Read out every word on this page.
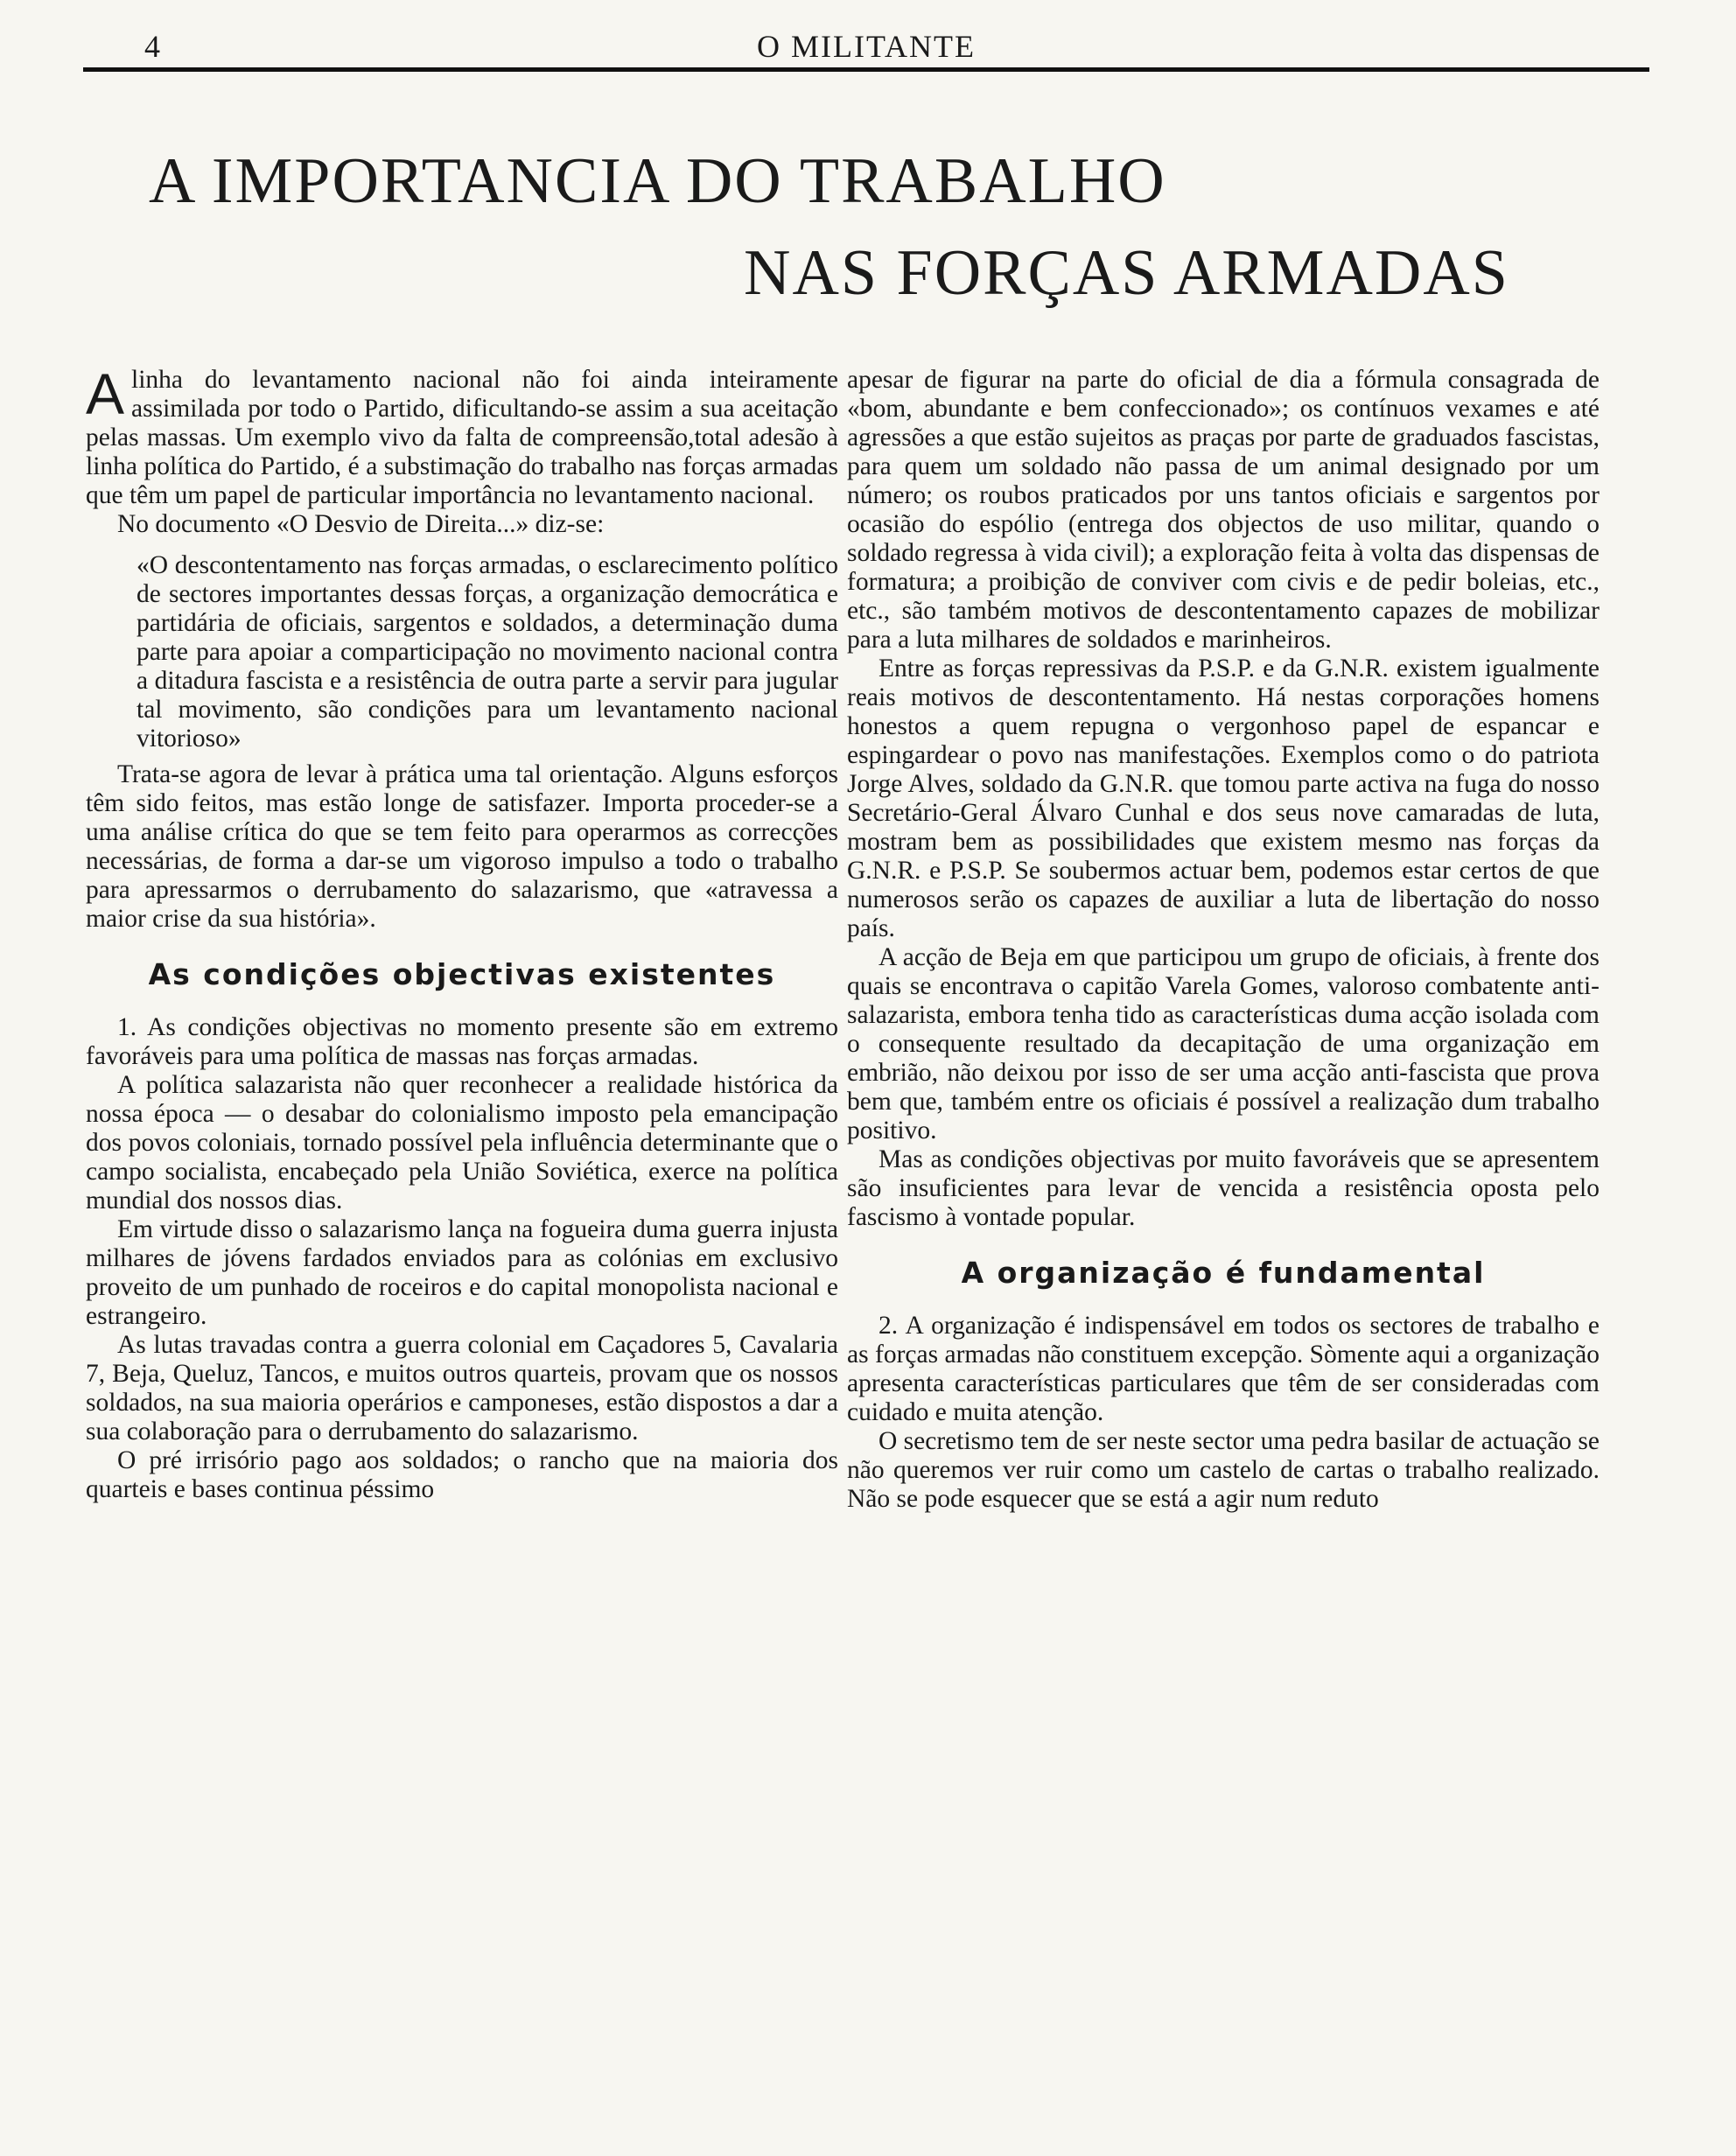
4	O MILITANTE
A IMPORTANCIA DO TRABALHO
NAS FORÇAS ARMADAS

Alinha do levantamento nacional não foi ainda inteiramente assimilada por todo o Partido, dificultando-se assim a sua aceitação pelas massas. Um exemplo vivo da falta de compreensão,total adesão à linha política do Partido, é a substimação do trabalho nas forças armadas que têm um papel de particular importância no levantamento nacional.

No documento «O Desvio de Direita...» diz-se:

«O descontentamento nas forças armadas, o esclarecimento político de sectores importantes dessas forças, a organização democrática e partidária de oficiais, sargentos e soldados, a determinação duma parte para apoiar a comparticipação no movimento nacional contra a ditadura fascista e a resistência de outra parte a servir para jugular tal movimento, são condições para um levantamento nacional vitorioso»

Trata-se agora de levar à prática uma tal orientação. Alguns esforços têm sido feitos, mas estão longe de satisfazer. Importa proceder-se a uma análise crítica do que se tem feito para operarmos as correcções necessárias, de forma a dar-se um vigoroso impulso a todo o trabalho para apressarmos o derrubamento do salazarismo, que «atravessa a maior crise da sua história».

As condições objectivas existentes

1. As condições objectivas no momento presente são em extremo favoráveis para uma política de massas nas forças armadas.

A política salazarista não quer reconhecer a realidade histórica da nossa época — o desabar do colonialismo imposto pela emancipação dos povos coloniais, tornado possível pela influência determinante que o campo socialista, encabeçado pela União Soviética, exerce na política mundial dos nossos dias.

Em virtude disso o salazarismo lança na fogueira duma guerra injusta milhares de jóvens fardados enviados para as colónias em exclusivo proveito de um punhado de roceiros e do capital monopolista nacional e estrangeiro.

As lutas travadas contra a guerra colonial em Caçadores 5, Cavalaria 7, Beja, Queluz, Tancos, e muitos outros quarteis, provam que os nossos soldados, na sua maioria operários e camponeses, estão dispostos a dar a sua colaboração para o derrubamento do salazarismo.

O pré irrisório pago aos soldados; o rancho que na maioria dos quarteis e bases continua péssimo

apesar de figurar na parte do oficial de dia a fórmula consagrada de «bom, abundante e bem confeccionado»; os contínuos vexames e até agressões a que estão sujeitos as praças por parte de graduados fascistas, para quem um soldado não passa de um animal designado por um número; os roubos praticados por uns tantos oficiais e sargentos por ocasião do espólio (entrega dos objectos de uso militar, quando o soldado regressa à vida civil); a exploração feita à volta das dispensas de formatura; a proibição de conviver com civis e de pedir boleias, etc., etc., são também motivos de descontentamento capazes de mobilizar para a luta milhares de soldados e marinheiros.

Entre as forças repressivas da P.S.P. e da G.N.R. existem igualmente reais motivos de descontentamento. Há nestas corporações homens honestos a quem repugna o vergonhoso papel de espancar e espingardear o povo nas manifestações. Exemplos como o do patriota Jorge Alves, soldado da G.N.R. que tomou parte activa na fuga do nosso Secretário-Geral Álvaro Cunhal e dos seus nove camaradas de luta, mostram bem as possibilidades que existem mesmo nas forças da G.N.R. e P.S.P. Se soubermos actuar bem, podemos estar certos de que numerosos serão os capazes de auxiliar a luta de libertação do nosso país.

A acção de Beja em que participou um grupo de oficiais, à frente dos quais se encontrava o capitão Varela Gomes, valoroso combatente anti-salazarista, embora tenha tido as características duma acção isolada com o consequente resultado da decapitação de uma organização em embrião, não deixou por isso de ser uma acção anti-fascista que prova bem que, também entre os oficiais é possível a realização dum trabalho positivo.

Mas as condições objectivas por muito favoráveis que se apresentem são insuficientes para levar de vencida a resistência oposta pelo fascismo à vontade popular.

A organização é fundamental

2. A organização é indispensável em todos os sectores de trabalho e as forças armadas não constituem excepção. Sòmente aqui a organização apresenta características particulares que têm de ser consideradas com cuidado e muita atenção.

O secretismo tem de ser neste sector uma pedra basilar de actuação se não queremos ver ruir como um castelo de cartas o trabalho realizado. Não se pode esquecer que se está a agir num reduto
